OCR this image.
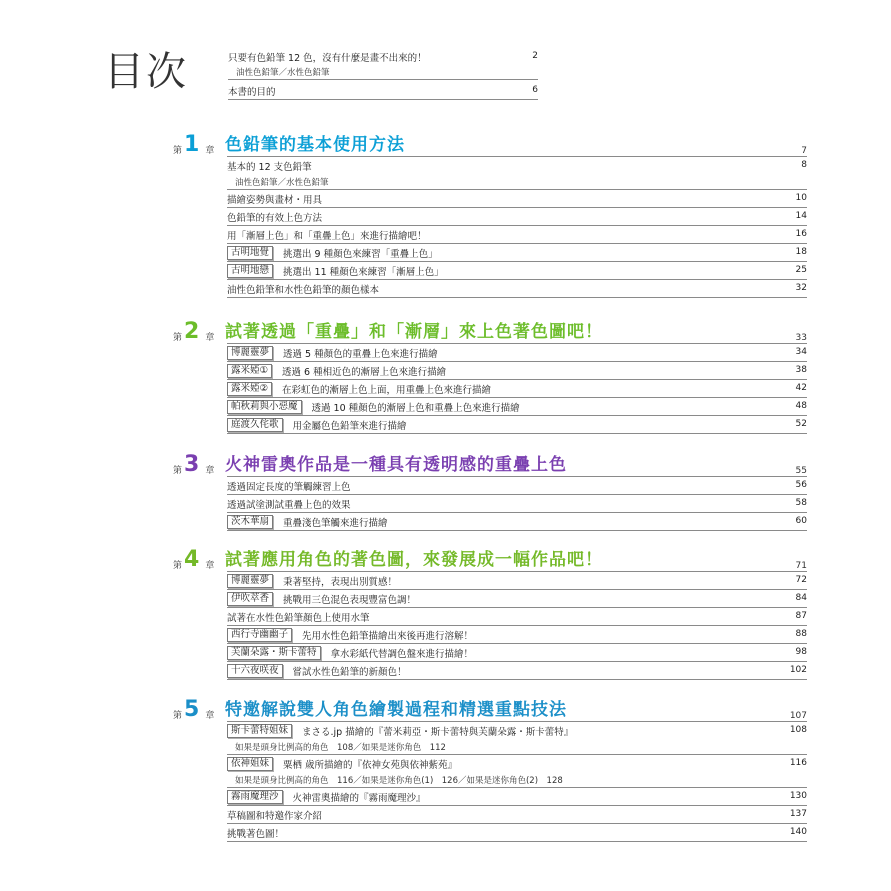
目次	只要有色鉛筆 12 色，沒有什麼是畫不出來的！	2
油性色鉛筆／水性色鉛筆
本書的目的	6
第 1 章 色鉛筆的基本使用方法	7
基本的 12 支色鉛筆	8
油性色鉛筆／水性色鉛筆
描繪姿勢與畫材・用具	10
色鉛筆的有效上色方法	14
用「漸層上色」和「重疊上色」來進行描繪吧！	16
古明地覺	挑選出 9 種顏色來練習「重疊上色」	18
古明地戀	挑選出 11 種顏色來練習「漸層上色」	25
油性色鉛筆和水性色鉛筆的顏色樣本	32
第 2 章 試著透過「重疊」和「漸層」來上色著色圖吧！	33
博麗靈夢	透過 5 種顏色的重疊上色來進行描繪	34
露米婭①	透過 6 種相近色的漸層上色來進行描繪	38
露米婭②	在彩虹色的漸層上色上面，用重疊上色來進行描繪	42
帕秋莉與小惡魔	透過 10 種顏色的漸層上色和重疊上色來進行描繪	48
庭渡久侘歌	用金屬色色鉛筆來進行描繪	52
第 3 章 火神雷奧作品是一種具有透明感的重疊上色	55
透過固定長度的筆觸練習上色	56
透過試塗測試重疊上色的效果	58
茨木華扇	重疊淺色筆觸來進行描繪	60
第 4 章 試著應用角色的著色圖，來發展成一幅作品吧！	71
博麗靈夢	秉著堅持，表現出別質感！	72
伊吹萃香	挑戰用三色混色表現豐富色調！	84
試著在水性色鉛筆顏色上使用水筆	87
西行寺幽幽子	先用水性色鉛筆描繪出來後再進行溶解！	88
芙蘭朵露・斯卡蕾特	拿水彩紙代替調色盤來進行描繪！	98
十六夜咲夜	嘗試水性色鉛筆的新顏色！	102
第 5 章 特邀解說雙人角色繪製過程和精選重點技法	107
斯卡蕾特姐妹	まさる.jp 描繪的『蕾米莉亞・斯卡蕾特與芙蘭朵露・斯卡蕾特』	108
如果是頭身比例高的角色　108／如果是迷你角色　112
依神姐妹	粟栖 歲所描繪的『依神女苑與依神紫苑』	116
如果是頭身比例高的角色　116／如果是迷你角色(1)　126／如果是迷你角色(2)　128
霧雨魔理沙	火神雷奧描繪的『霧雨魔理沙』	130
草稿圖和特邀作家介紹	137
挑戰著色圖！	140
